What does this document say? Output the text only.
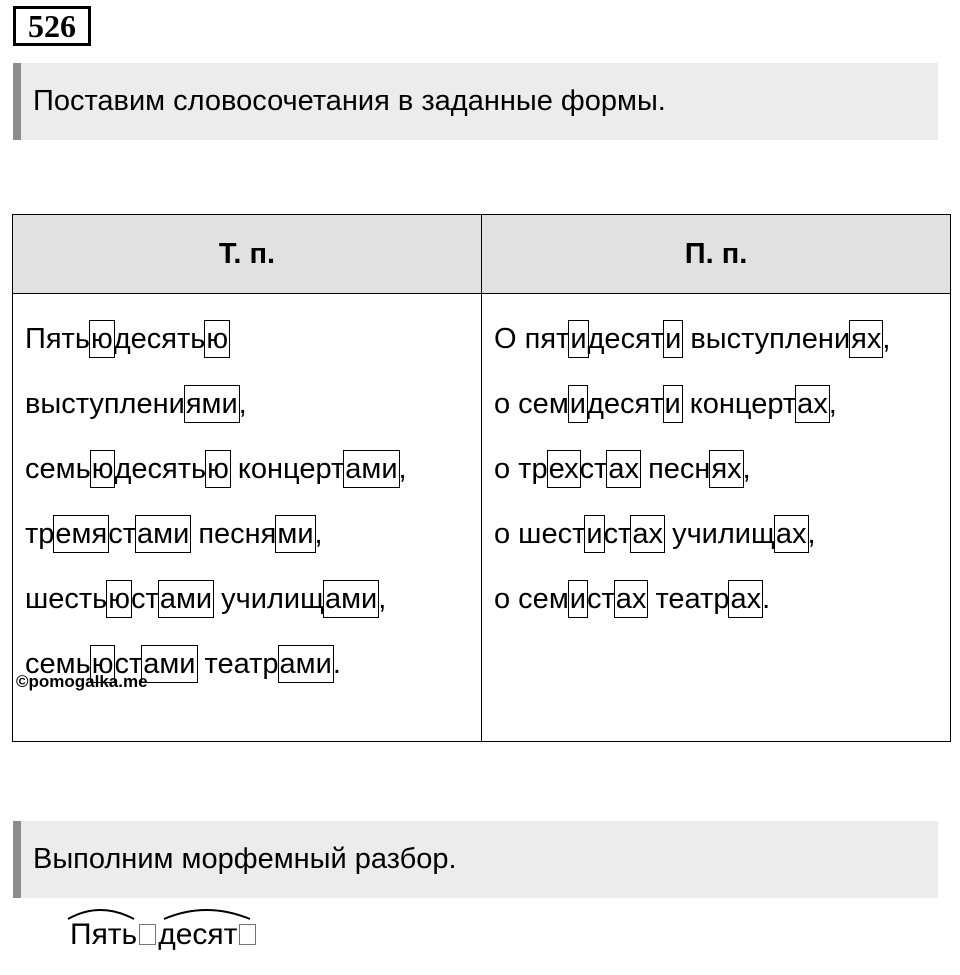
526
Поставим словосочетания в заданные формы.
Т. п.	П. п.
Пятьюдесятью
выступлениями,
семьюдесятью концертами,
тремястами песнями,
шестьюстами училищами,
семьюстами театрами.
О пятидесяти выступлениях,
о семидесяти концертах,
о трехстах песнях,
о шестистах училищах,
о семистах театрах.
©pomogalka.me
Выполним морфемный разбор.
Пять десят
